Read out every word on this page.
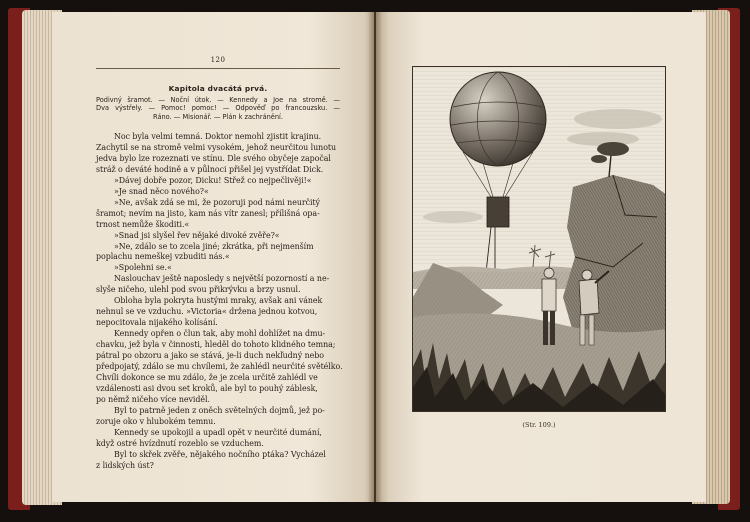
120
Kapitola dvacátá prvá.
Podivný šramot. — Noční útok. — Kennedy a Joe na stromě. —
Dva výstřely. — Pomoc! pomoc! — Odpověď po francouzsku. —
Ráno. — Misionář. — Plán k zachránění.

Noc byla velmi temná. Doktor nemohl zjistit krajinu.

Zachytil se na stromě velmi vysokém, jehož neurčitou lunotu

jedva bylo lze rozeznati ve stínu. Dle svého obyčeje započal

stráž o deváté hodině a v půlnoci přišel jej vystřídat Dick.

»Dávej dobře pozor, Dicku! Střež co nejpečlivěji!«

»Je snad něco nového?«

»Ne, avšak zdá se mi, že pozoruji pod námi neurčitý

šramot; nevím na jisto, kam nás vítr zanesl; přílišná opa-

trnost nemůže škoditi.«

»Snad jsi slyšel řev nějaké divoké zvěře?«

»Ne, zdálo se to zcela jiné; zkrátka, při nejmenším

poplachu nemeškej vzbuditi nás.«

»Spolehni se.«

Naslouchav ještě naposledy s největší pozorností a ne-

slyše ničeho, ulehl pod svou přikrývku a brzy usnul.

Obloha byla pokryta hustými mraky, avšak ani vánek

nehnul se ve vzduchu. »Victoria« držena jednou kotvou,

nepocitovala nijakého kolísání.

Kennedy opřen o člun tak, aby mohl dohlížet na dmu-

chavku, jež byla v činnosti, hleděl do tohoto klidného temna;

pátral po obzoru a jako se stává, je-li duch nekľudný nebo

předpojatý, zdálo se mu chvílemi, že zahlédl neurčité světélko.

Chvíli dokonce se mu zdálo, že je zcela určitě zahlédl ve

vzdálenosti asi dvou set kroků, ale byl to pouhý záblesk,

po němž ničeho více neviděl.

Byl to patrně jeden z oněch světelných dojmů, jež po-

zoruje oko v hlubokém temnu.

Kennedy se upokojil a upadl opět v neurčité dumání,

když ostré hvízdnutí rozeblo se vzduchem.

Byl to skřek zvěře, nějakého nočního ptáka? Vycházel

z lidských úst?

(Str. 109.)
